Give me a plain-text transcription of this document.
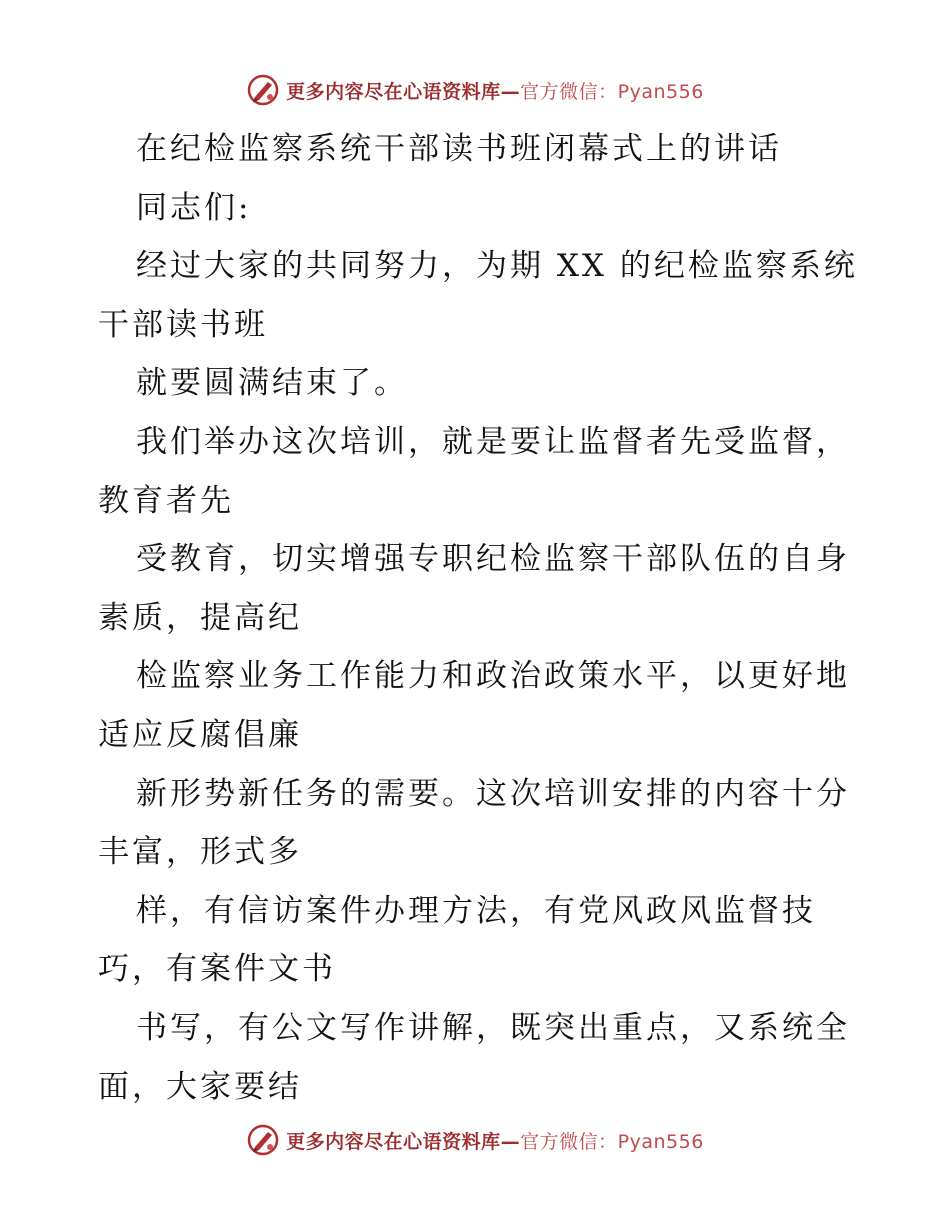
更多内容尽在心语资料库—官方微信：Pyan556
在纪检监察系统干部读书班闭幕式上的讲话
同志们:
经过大家的共同努力，为期 XX 的纪检监察系统
干部读书班
就要圆满结束了。
我们举办这次培训，就是要让监督者先受监督，
教育者先
受教育，切实增强专职纪检监察干部队伍的自身
素质，提高纪
检监察业务工作能力和政治政策水平，以更好地
适应反腐倡廉
新形势新任务的需要。这次培训安排的内容十分
丰富，形式多
样，有信访案件办理方法，有党风政风监督技
巧，有案件文书
书写，有公文写作讲解，既突出重点，又系统全
面，大家要结
更多内容尽在心语资料库—官方微信：Pyan556
